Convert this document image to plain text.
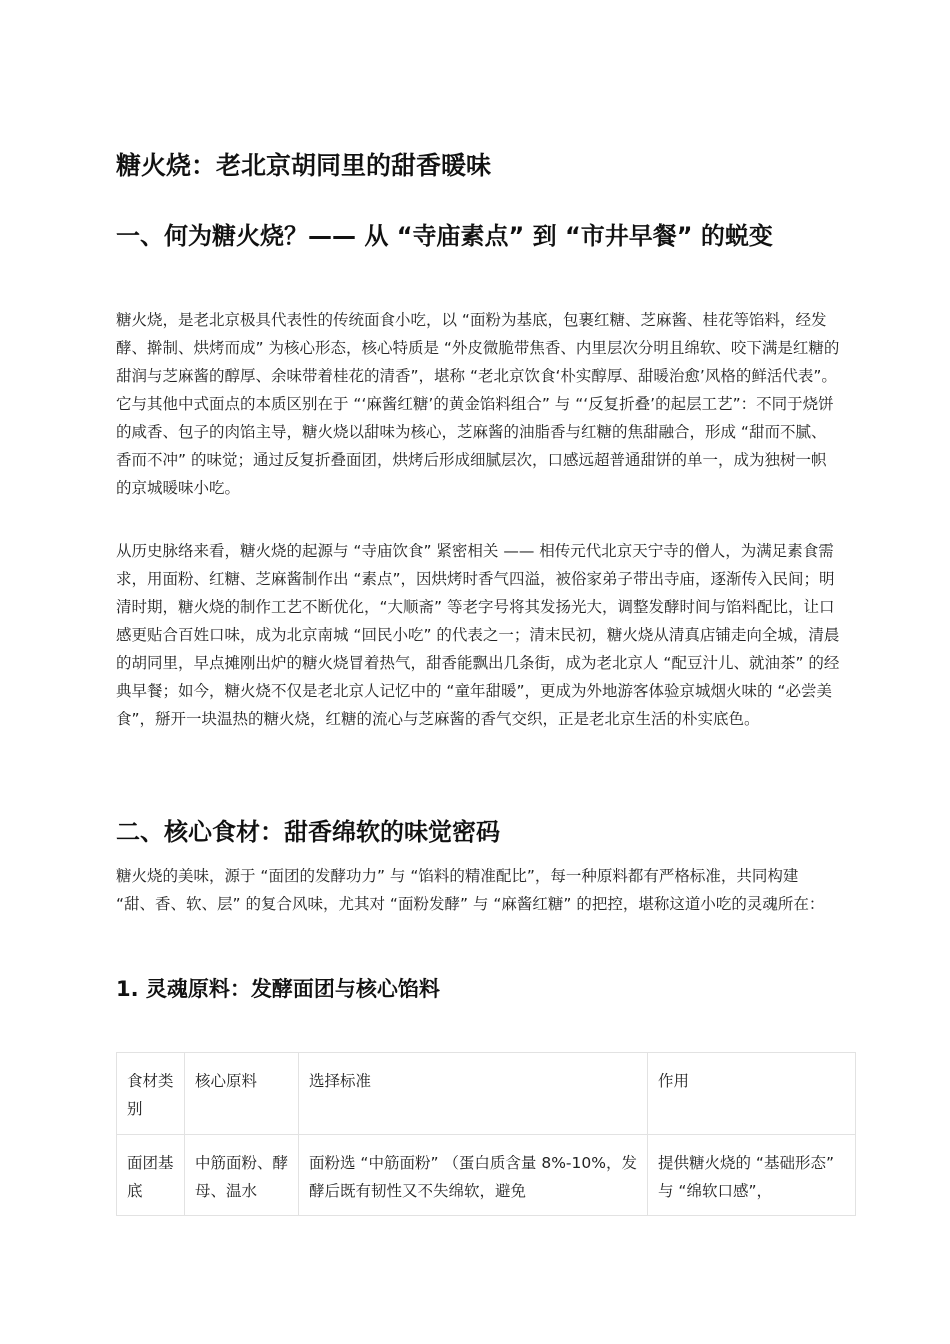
糖火烧：老北京胡同里的甜香暖味
一、何为糖火烧？—— 从 “寺庙素点” 到 “市井早餐” 的蜕变

糖火烧，是老北京极具代表性的传统面食小吃，以 “面粉为基底，包裹红糖、芝麻酱、桂花等馅料，经发酵、擀制、烘烤而成” 为核心形态，核心特质是 “外皮微脆带焦香、内里层次分明且绵软、咬下满是红糖的甜润与芝麻酱的醇厚、余味带着桂花的清香”，堪称 “老北京饮食‘朴实醇厚、甜暖治愈’风格的鲜活代表”。它与其他中式面点的本质区别在于 “‘麻酱红糖’的黄金馅料组合” 与 “‘反复折叠’的起层工艺”：不同于烧饼的咸香、包子的肉馅主导，糖火烧以甜味为核心，芝麻酱的油脂香与红糖的焦甜融合，形成 “甜而不腻、香而不冲” 的味觉；通过反复折叠面团，烘烤后形成细腻层次，口感远超普通甜饼的单一，成为独树一帜的京城暖味小吃。

从历史脉络来看，糖火烧的起源与 “寺庙饮食” 紧密相关 —— 相传元代北京天宁寺的僧人，为满足素食需求，用面粉、红糖、芝麻酱制作出 “素点”，因烘烤时香气四溢，被俗家弟子带出寺庙，逐渐传入民间；明清时期，糖火烧的制作工艺不断优化，“大顺斋” 等老字号将其发扬光大，调整发酵时间与馅料配比，让口感更贴合百姓口味，成为北京南城 “回民小吃” 的代表之一；清末民初，糖火烧从清真店铺走向全城，清晨的胡同里，早点摊刚出炉的糖火烧冒着热气，甜香能飘出几条街，成为老北京人 “配豆汁儿、就油茶” 的经典早餐；如今，糖火烧不仅是老北京人记忆中的 “童年甜暖”，更成为外地游客体验京城烟火味的 “必尝美食”，掰开一块温热的糖火烧，红糖的流心与芝麻酱的香气交织，正是老北京生活的朴实底色。

二、核心食材：甜香绵软的味觉密码

糖火烧的美味，源于 “面团的发酵功力” 与 “馅料的精准配比”，每一种原料都有严格标准，共同构建 “甜、香、软、层” 的复合风味，尤其对 “面粉发酵” 与 “麻酱红糖” 的把控，堪称这道小吃的灵魂所在：

1. 灵魂原料：发酵面团与核心馅料
食材类别	核心原料	选择标准	作用
面团基底	中筋面粉、酵母、温水	面粉选 “中筋面粉” （蛋白质含量 8%-10%，发酵后既有韧性又不失绵软，避免	提供糖火烧的 “基础形态” 与 “绵软口感”，
